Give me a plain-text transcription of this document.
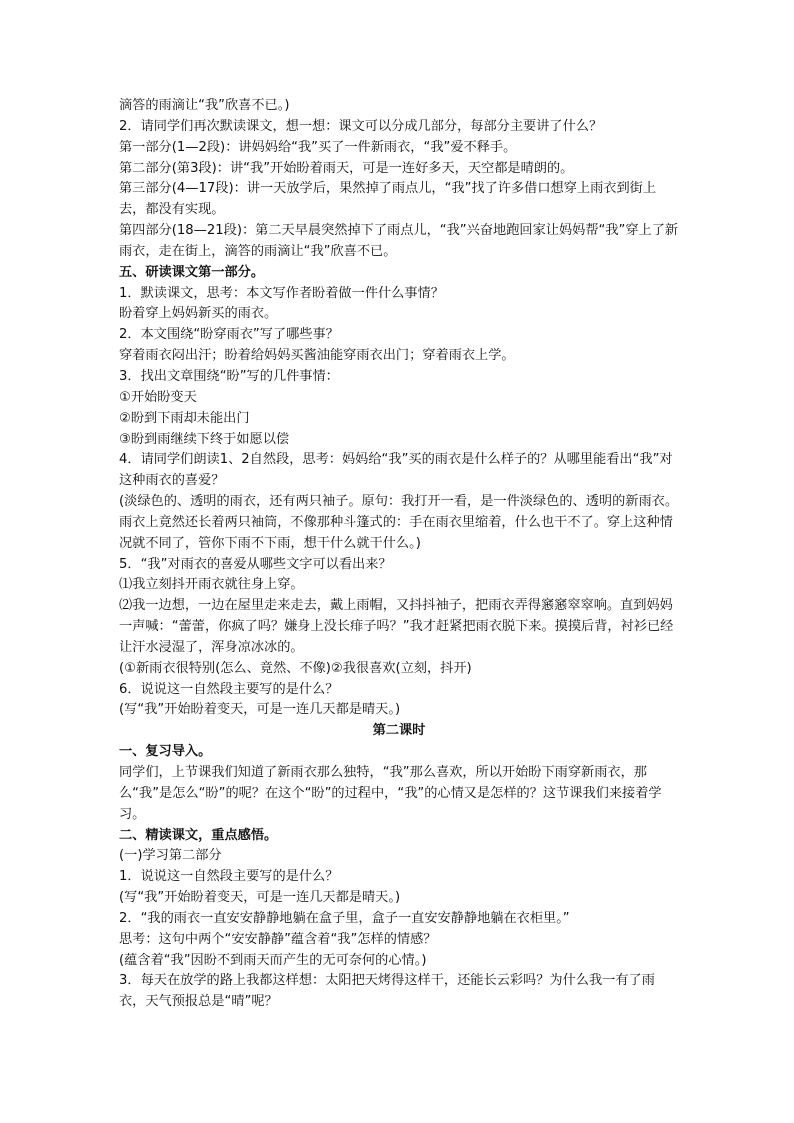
滴答的雨滴让“我”欣喜不已。)

2．请同学们再次默读课文，想一想：课文可以分成几部分，每部分主要讲了什么？

第一部分(1—2段)：讲妈妈给“我”买了一件新雨衣，“我”爱不释手。

第二部分(第3段)：讲“我”开始盼着雨天，可是一连好多天，天空都是晴朗的。

第三部分(4—17段)：讲一天放学后，果然掉了雨点儿，“我”找了许多借口想穿上雨衣到街上去，都没有实现。

第四部分(18—21段)：第二天早晨突然掉下了雨点儿，“我”兴奋地跑回家让妈妈帮“我”穿上了新雨衣，走在街上，滴答的雨滴让“我”欣喜不已。

五、研读课文第一部分。

1．默读课文，思考：本文写作者盼着做一件什么事情？

盼着穿上妈妈新买的雨衣。

2．本文围绕“盼穿雨衣”写了哪些事？

穿着雨衣闷出汗；盼着给妈妈买酱油能穿雨衣出门；穿着雨衣上学。

3．找出文章围绕“盼”写的几件事情：

①开始盼变天

②盼到下雨却未能出门

③盼到雨继续下终于如愿以偿

4．请同学们朗读1、2自然段，思考：妈妈给“我”买的雨衣是什么样子的？从哪里能看出“我”对这种雨衣的喜爱？

(淡绿色的、透明的雨衣，还有两只袖子。原句：我打开一看，是一件淡绿色的、透明的新雨衣。雨衣上竟然还长着两只袖筒，不像那种斗篷式的：手在雨衣里缩着，什么也干不了。穿上这种情况就不同了，管你下雨不下雨，想干什么就干什么。)

5．“我”对雨衣的喜爱从哪些文字可以看出来？

⑴我立刻抖开雨衣就往身上穿。

⑵我一边想，一边在屋里走来走去，戴上雨帽，又抖抖袖子，把雨衣弄得窸窸窣窣响。直到妈妈一声喊：“蕾蕾，你疯了吗？嫌身上没长痱子吗？”我才赶紧把雨衣脱下来。摸摸后背，衬衫已经让汗水浸湿了，浑身凉冰冰的。

(①新雨衣很特别(怎么、竟然、不像)②我很喜欢(立刻，抖开)

6．说说这一自然段主要写的是什么？

(写“我”开始盼着变天，可是一连几天都是晴天。)

第二课时

一、复习导入。

同学们，上节课我们知道了新雨衣那么独特，“我”那么喜欢，所以开始盼下雨穿新雨衣，那么“我”是怎么“盼”的呢？在这个“盼”的过程中，“我”的心情又是怎样的？这节课我们来接着学习。

二、精读课文，重点感悟。

(一)学习第二部分

1．说说这一自然段主要写的是什么？

(写“我”开始盼着变天，可是一连几天都是晴天。)

2．“我的雨衣一直安安静静地躺在盒子里，盒子一直安安静静地躺在衣柜里。”

思考：这句中两个“安安静静”蕴含着“我”怎样的情感？

(蕴含着“我”因盼不到雨天而产生的无可奈何的心情。)

3．每天在放学的路上我都这样想：太阳把天烤得这样干，还能长云彩吗？为什么我一有了雨衣，天气预报总是“晴”呢？
